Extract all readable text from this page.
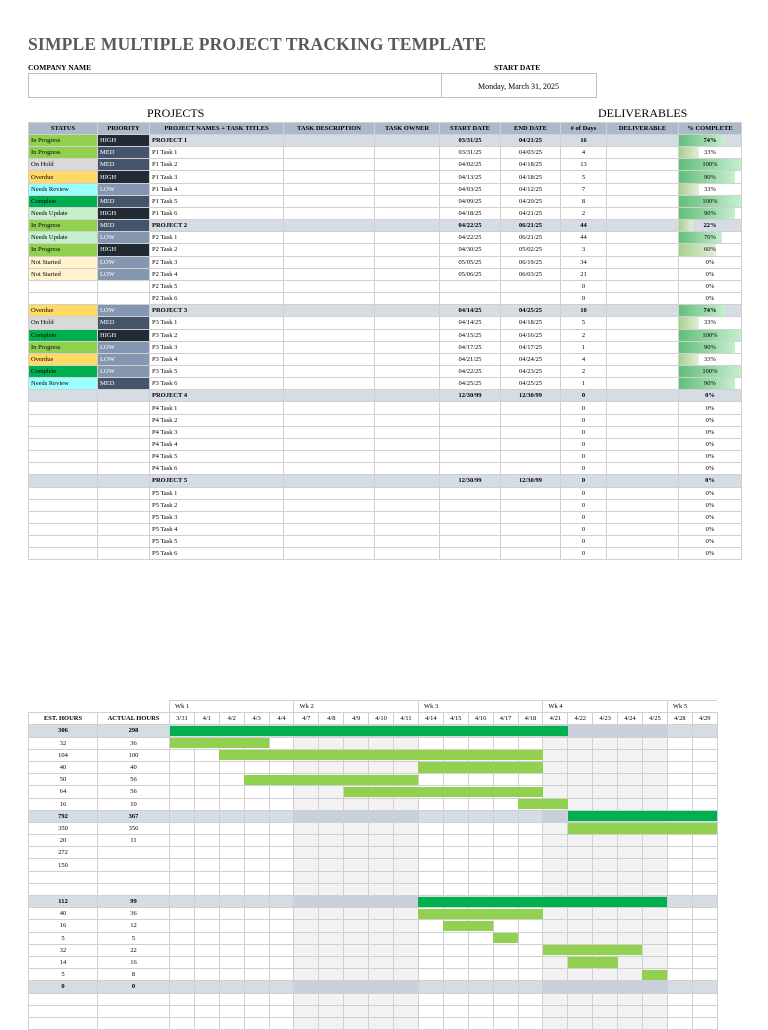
SIMPLE MULTIPLE PROJECT TRACKING TEMPLATE
COMPANY NAME	START DATE
Monday, March 31, 2025
PROJECTS	DELIVERABLES
STATUS	PRIORITY	PROJECT NAMES + TASK TITLES	TASK DESCRIPTION	TASK OWNER	START DATE	END DATE	# of Days	DELIVERABLE	% COMPLETE
In Progress	HIGH	PROJECT 1			03/31/25	04/21/25	16		74%
In Progress	MED	P1 Task 1			03/31/25	04/03/25	4		33%
On Hold	MED	P1 Task 2			04/02/25	04/18/25	13		100%
Overdue	HIGH	P1 Task 3			04/13/25	04/18/25	5		90%
Needs Review	LOW	P1 Task 4			04/03/25	04/12/25	7		33%
Complete	MED	P1 Task 5			04/09/25	04/20/25	8		100%
Needs Update	HIGH	P1 Task 6			04/18/25	04/21/25	2		90%
In Progress	MED	PROJECT 2			04/22/25	06/21/25	44		22%
Needs Update	LOW	P2 Task 1			04/22/25	06/21/25	44		70%
In Progress	HIGH	P2 Task 2			04/30/25	05/02/25	3		60%
Not Started	LOW	P2 Task 3			05/05/25	06/19/25	34		0%
Not Started	LOW	P2 Task 4			05/06/25	06/03/25	21		0%
		P2 Task 5					0		0%
		P2 Task 6					0		0%
Overdue	LOW	PROJECT 3			04/14/25	04/25/25	10		74%
On Hold	MED	P3 Task 1			04/14/25	04/18/25	5		33%
Complete	HIGH	P3 Task 2			04/15/25	04/16/25	2		100%
In Progress	LOW	P3 Task 3			04/17/25	04/17/25	1		90%
Overdue	LOW	P3 Task 4			04/21/25	04/24/25	4		33%
Complete	LOW	P3 Task 5			04/22/25	04/23/25	2		100%
Needs Review	MED	P3 Task 6			04/25/25	04/25/25	1		90%
		PROJECT 4			12/30/99	12/30/99	0		0%
		P4 Task 1					0		0%
		P4 Task 2					0		0%
		P4 Task 3					0		0%
		P4 Task 4					0		0%
		P4 Task 5					0		0%
		P4 Task 6					0		0%
		PROJECT 5			12/30/99	12/30/99	0		0%
		P5 Task 1					0		0%
		P5 Task 2					0		0%
		P5 Task 3					0		0%
		P5 Task 4					0		0%
		P5 Task 5					0		0%
		P5 Task 6					0		0%
		Wk 1					Wk 2					Wk 3					Wk 4					Wk 5	
EST. HOURS	ACTUAL HOURS	3/31	4/1	4/2	4/3	4/4	4/7	4/8	4/9	4/10	4/11	4/14	4/15	4/16	4/17	4/18	4/21	4/22	4/23	4/24	4/25	4/28	4/29
306	298																						
32	36																						
104	100																						
40	40																						
50	56																						
64	56																						
16	10																						
792	367																						
350	356																						
20	11																						
272																							
150																							

112	99																						
40	36																						
16	12																						
5	5																						
32	22																						
14	16																						
5	8																						
0	0																						
